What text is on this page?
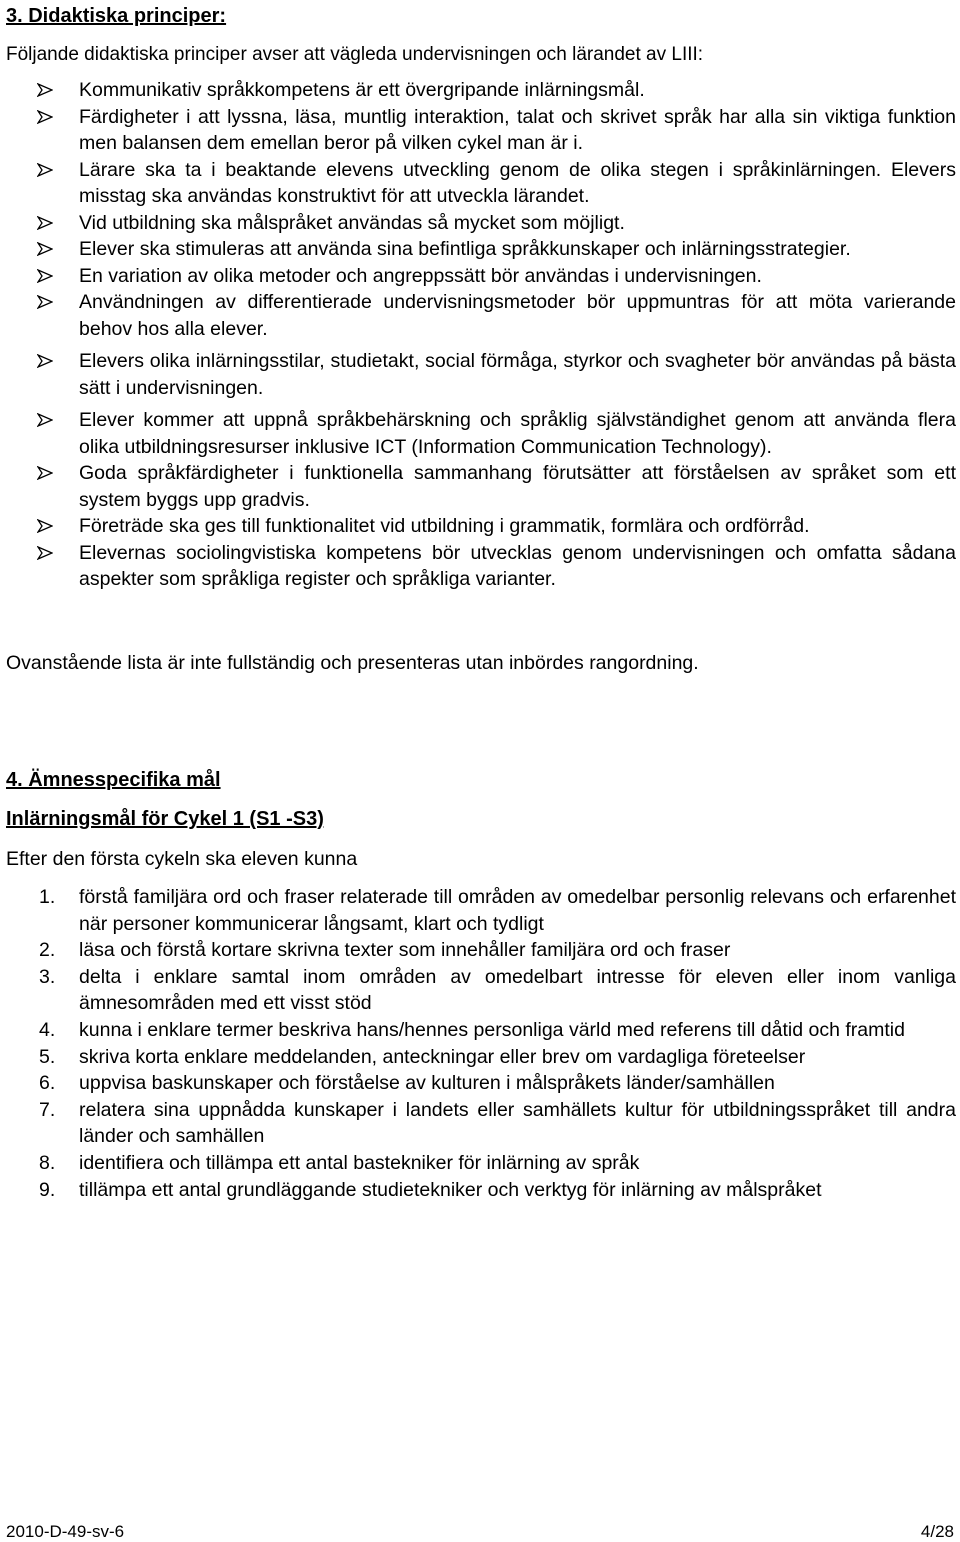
3. Didaktiska principer:

Följande didaktiska principer avser att vägleda undervisningen och lärandet av LIII:

Kommunikativ språkkompetens är ett övergripande inlärningsmål.
Färdigheter i att lyssna, läsa, muntlig interaktion, talat och skrivet språk har alla sin viktiga funktion men balansen dem emellan beror på vilken cykel man är i.
Lärare ska ta i beaktande elevens utveckling genom de olika stegen i språkinlärningen. Elevers misstag ska användas konstruktivt för att utveckla lärandet.
Vid utbildning ska målspråket användas så mycket som möjligt.
Elever ska stimuleras att använda sina befintliga språkkunskaper och inlärningsstrategier.
En variation av olika metoder och angreppssätt bör användas i undervisningen.
Användningen av differentierade undervisningsmetoder bör uppmuntras för att möta varierande behov hos alla elever.
Elevers olika inlärningsstilar, studietakt, social förmåga, styrkor och svagheter bör användas på bästa sätt i undervisningen.
Elever kommer att uppnå språkbehärskning och språklig självständighet genom att använda flera olika utbildningsresurser inklusive ICT (Information Communication Technology).
Goda språkfärdigheter i funktionella sammanhang förutsätter att förståelsen av språket som ett system byggs upp gradvis.
Företräde ska ges till funktionalitet vid utbildning i grammatik, formlära och ordförråd.
Elevernas sociolingvistiska kompetens bör utvecklas genom undervisningen och omfatta sådana aspekter som språkliga register och språkliga varianter.

Ovanstående lista är inte fullständig och presenteras utan inbördes rangordning.

4. Ämnesspecifika mål

Inlärningsmål för Cykel 1 (S1 -S3)

Efter den första cykeln ska eleven kunna

1. förstå familjära ord och fraser relaterade till områden av omedelbar personlig relevans och erfarenhet när personer kommunicerar långsamt, klart och tydligt
2. läsa och förstå kortare skrivna texter som innehåller familjära ord och fraser
3. delta i enklare samtal inom områden av omedelbart intresse för eleven eller inom vanliga ämnesområden med ett visst stöd
4. kunna i enklare termer beskriva hans/hennes personliga värld med referens till dåtid och framtid
5. skriva korta enklare meddelanden, anteckningar eller brev om vardagliga företeelser
6. uppvisa baskunskaper och förståelse av kulturen i målspråkets länder/samhällen
7. relatera sina uppnådda kunskaper i landets eller samhällets kultur för utbildningsspråket till andra länder och samhällen
8. identifiera och tillämpa ett antal bastekniker för inlärning av språk
9. tillämpa ett antal grundläggande studietekniker och verktyg för inlärning av målspråket
2010-D-49-sv-6	4/28
